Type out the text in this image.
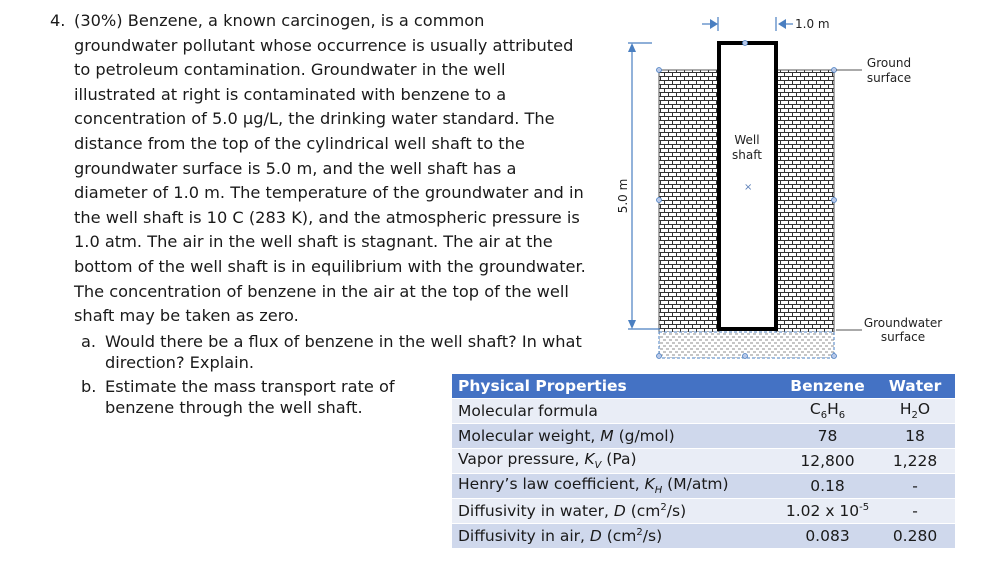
4. (30%) Benzene, a known carcinogen, is a common groundwater pollutant whose occurrence is usually attributed to petroleum contamination. Groundwater in the well illustrated at right is contaminated with benzene to a concentration of 5.0 µg/L, the drinking water standard. The distance from the top of the cylindrical well shaft to the groundwater surface is 5.0 m, and the well shaft has a diameter of 1.0 m. The temperature of the groundwater and in the well shaft is 10 C (283 K), and the atmospheric pressure is 1.0 atm. The air in the well shaft is stagnant. The air at the bottom of the well shaft is in equilibrium with the groundwater. The concentration of benzene in the air at the top of the well shaft may be taken as zero.
a. Would there be a flux of benzene in the well shaft? In what direction? Explain.
b. Estimate the mass transport rate of benzene through the well shaft.
Well
shaft
×
Ground
surface
Groundwater
surface
5.0 m
1.0 m
Physical Properties	Benzene	Water
Molecular formula	$C_6H_6$	$H_2O$
Molecular weight, M (g/mol)	78	18
Vapor pressure, $K_V$ (Pa)	12,800	1,228
Henry’s law coefficient, $K_H$ (M/atm)	0.18	-
Diffusivity in water, D $(cm^2/s)$	1.02 x $10^{-5}$	-
Diffusivity in air, D $(cm^2/s)$	0.083	0.280
